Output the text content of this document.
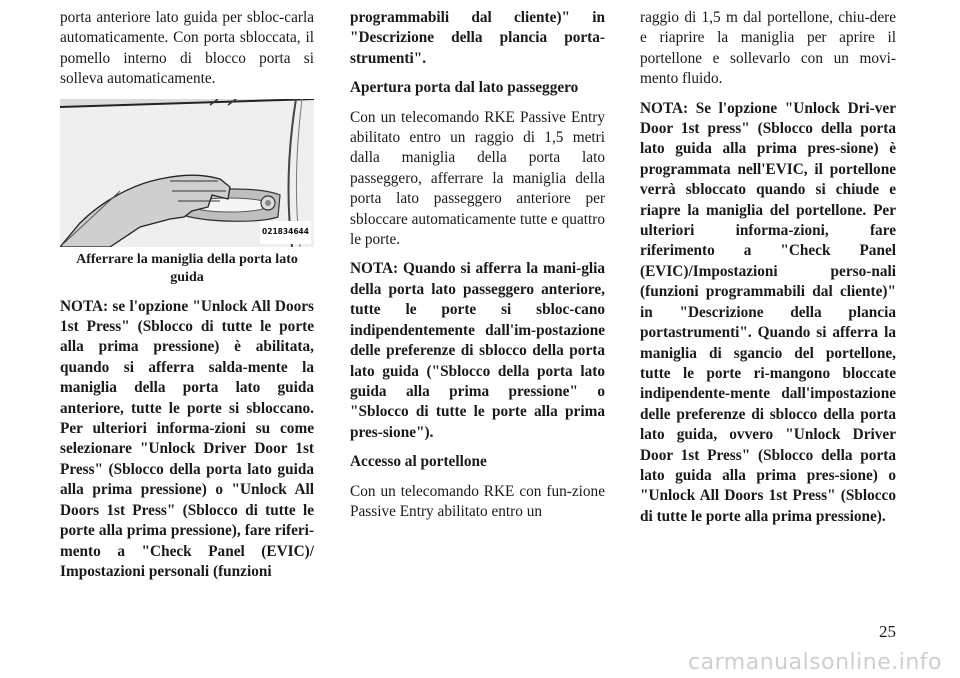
porta anteriore lato guida per sbloc-carla automaticamente. Con porta sbloccata, il pomello interno di blocco porta si solleva automaticamente.

021834644

Afferrare la maniglia della porta lato guida

NOTA: se l'opzione "Unlock All Doors 1st Press" (Sblocco di tutte le porte alla prima pressione) è abilitata, quando si afferra salda-mente la maniglia della porta lato guida anteriore, tutte le porte si sbloccano. Per ulteriori informa-zioni su come selezionare "Unlock Driver Door 1st Press" (Sblocco della porta lato guida alla prima pressione) o "Unlock All Doors 1st Press" (Sblocco di tutte le porte alla prima pressione), fare riferi-mento a "Check Panel (EVIC)/ Impostazioni personali (funzioni

programmabili dal cliente)" in "Descrizione della plancia porta-strumenti".

Apertura porta dal lato passeggero

Con un telecomando RKE Passive Entry abilitato entro un raggio di 1,5 metri dalla maniglia della porta lato passeggero, afferrare la maniglia della porta lato passeggero anteriore per sbloccare automaticamente tutte e quattro le porte.

NOTA: Quando si afferra la mani-glia della porta lato passeggero anteriore, tutte le porte si sbloc-cano indipendentemente dall'im-postazione delle preferenze di sblocco della porta lato guida ("Sblocco della porta lato guida alla prima pressione" o "Sblocco di tutte le porte alla prima pres-sione").

Accesso al portellone

Con un telecomando RKE con fun-zione Passive Entry abilitato entro un

raggio di 1,5 m dal portellone, chiu-dere e riaprire la maniglia per aprire il portellone e sollevarlo con un movi-mento fluido.

NOTA: Se l'opzione "Unlock Dri-ver Door 1st press" (Sblocco della porta lato guida alla prima pres-sione) è programmata nell'EVIC, il portellone verrà sbloccato quando si chiude e riapre la maniglia del portellone. Per ulteriori informa-zioni, fare riferimento a "Check Panel (EVIC)/Impostazioni perso-nali (funzioni programmabili dal cliente)" in "Descrizione della plancia portastrumenti". Quando si afferra la maniglia di sgancio del portellone, tutte le porte ri-mangono bloccate indipendente-mente dall'impostazione delle preferenze di sblocco della porta lato guida, ovvero "Unlock Driver Door 1st Press" (Sblocco della porta lato guida alla prima pres-sione) o "Unlock All Doors 1st Press" (Sblocco di tutte le porte alla prima pressione).

25
carmanualsonline.info
